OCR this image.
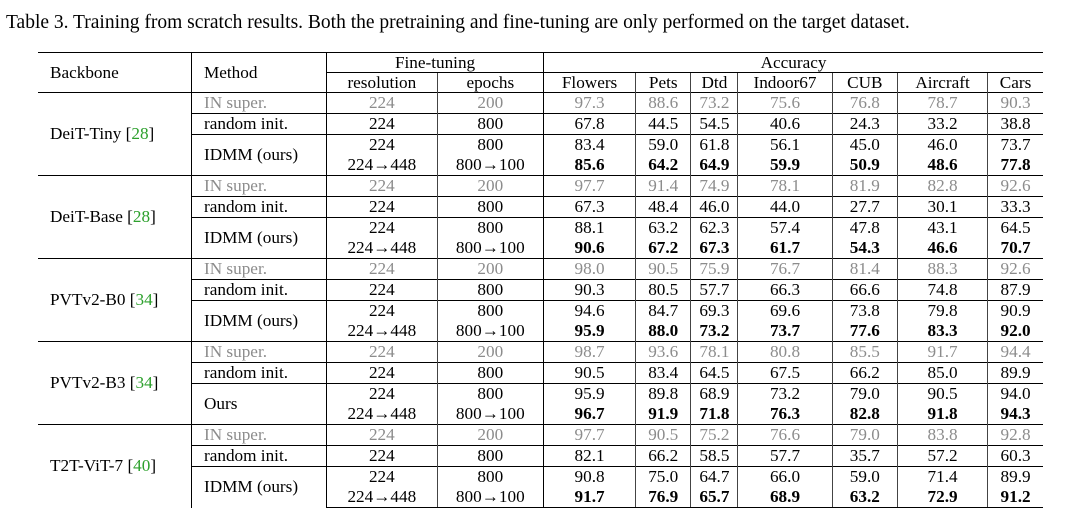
Table 3. Training from scratch results. Both the pretraining and fine-tuning are only performed on the target dataset.
Backbone	Method	Fine-tuning		Accuracy						
		resolution	epochs	Flowers	Pets	Dtd	Indoor67	CUB	Aircraft	Cars
DeiT-Tiny [28]	IN super.	224	200	97.3	88.6	73.2	75.6	76.8	78.7	90.3
	random init.	224	800	67.8	44.5	54.5	40.6	24.3	33.2	38.8
	IDMM (ours)	224	800	83.4	59.0	61.8	56.1	45.0	46.0	73.7
		224→448	800→100	85.6	64.2	64.9	59.9	50.9	48.6	77.8
DeiT-Base [28]	IN super.	224	200	97.7	91.4	74.9	78.1	81.9	82.8	92.6
	random init.	224	800	67.3	48.4	46.0	44.0	27.7	30.1	33.3
	IDMM (ours)	224	800	88.1	63.2	62.3	57.4	47.8	43.1	64.5
		224→448	800→100	90.6	67.2	67.3	61.7	54.3	46.6	70.7
PVTv2-B0 [34]	IN super.	224	200	98.0	90.5	75.9	76.7	81.4	88.3	92.6
	random init.	224	800	90.3	80.5	57.7	66.3	66.6	74.8	87.9
	IDMM (ours)	224	800	94.6	84.7	69.3	69.6	73.8	79.8	90.9
		224→448	800→100	95.9	88.0	73.2	73.7	77.6	83.3	92.0
PVTv2-B3 [34]	IN super.	224	200	98.7	93.6	78.1	80.8	85.5	91.7	94.4
	random init.	224	800	90.5	83.4	64.5	67.5	66.2	85.0	89.9
	Ours	224	800	95.9	89.8	68.9	73.2	79.0	90.5	94.0
		224→448	800→100	96.7	91.9	71.8	76.3	82.8	91.8	94.3
T2T-ViT-7 [40]	IN super.	224	200	97.7	90.5	75.2	76.6	79.0	83.8	92.8
	random init.	224	800	82.1	66.2	58.5	57.7	35.7	57.2	60.3
	IDMM (ours)	224	800	90.8	75.0	64.7	66.0	59.0	71.4	89.9
		224→448	800→100	91.7	76.9	65.7	68.9	63.2	72.9	91.2
